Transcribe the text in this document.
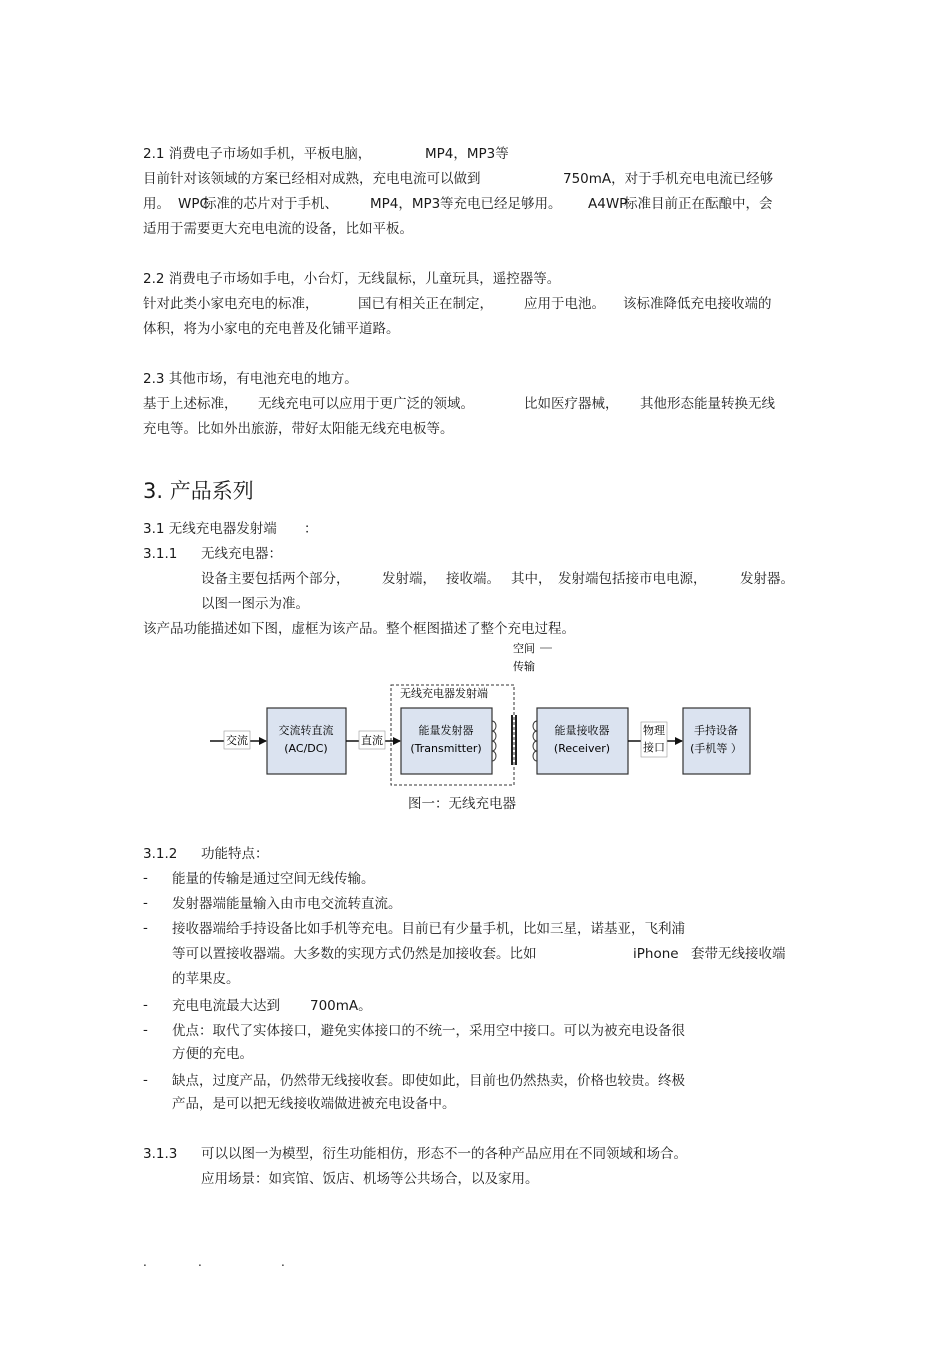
2.1 消费电子市场如手机，平板电脑，	MP4，MP3等
目前针对该领域的方案已经相对成熟，充电电流可以做到	750mA，对于手机充电电流已经够
用。 WPC
标准的芯片对于手机、 MP4，MP3 等充电已经足够用。 A4WP
标准目前正在酝酿中，会
适用于需要更大充电电流的设备，比如平板。
2.2 消费电子市场如手电，小台灯，无线鼠标，儿童玩具，遥控器等。
针对此类小家电充电的标准，	国已有相关正在制定， 应用于电池。 该标准降低充电接收端的
体积，将为小家电的充电普及化铺平道路。
2.3 其他市场，有电池充电的地方。
基于上述标准， 无线充电可以应用于更广泛的领域。	比如医疗器械， 其他形态能量转换无线
充电等。比如外出旅游，带好太阳能无线充电板等。
3. 产品系列
3.1 无线充电器发射端 ：
3.1.1 无线充电器：
设备主要包括两个部分， 发射端， 接收端。 其中， 发射端包括接市电电源， 发射器。
以图一图示为准。
该产品功能描述如下图，虚框为该产品。整个框图描述了整个充电过程。
空间
传输
无线充电器发射端
交流
交流转直流
(AC/DC)
直流
能量发射器
(Transmitter)
能量接收器
(Receiver)
物理
接口
手持设备
(手机等 ）
图一：无线充电器
3.1.2 功能特点：
- 能量的传输是通过空间无线传输。
- 发射器端能量输入由市电交流转直流。
- 接收器端给手持设备比如手机等充电。目前已有少量手机，比如三星，诺基亚，飞利浦
等可以置接收器端。大多数的实现方式仍然是加接收套。比如	iPhone 套带无线接收端
的苹果皮。
- 充电电流最大达到 700mA。
- 优点：取代了实体接口，避免实体接口的不统一，采用空中接口。可以为被充电设备很
方便的充电。
- 缺点，过度产品，仍然带无线接收套。即使如此，目前也仍然热卖，价格也较贵。终极
产品，是可以把无线接收端做进被充电设备中。
3.1.3 可以以图一为模型，衍生功能相仿，形态不一的各种产品应用在不同领域和场合。
应用场景：如宾馆、饭店、机场等公共场合，以及家用。
.	.	.
